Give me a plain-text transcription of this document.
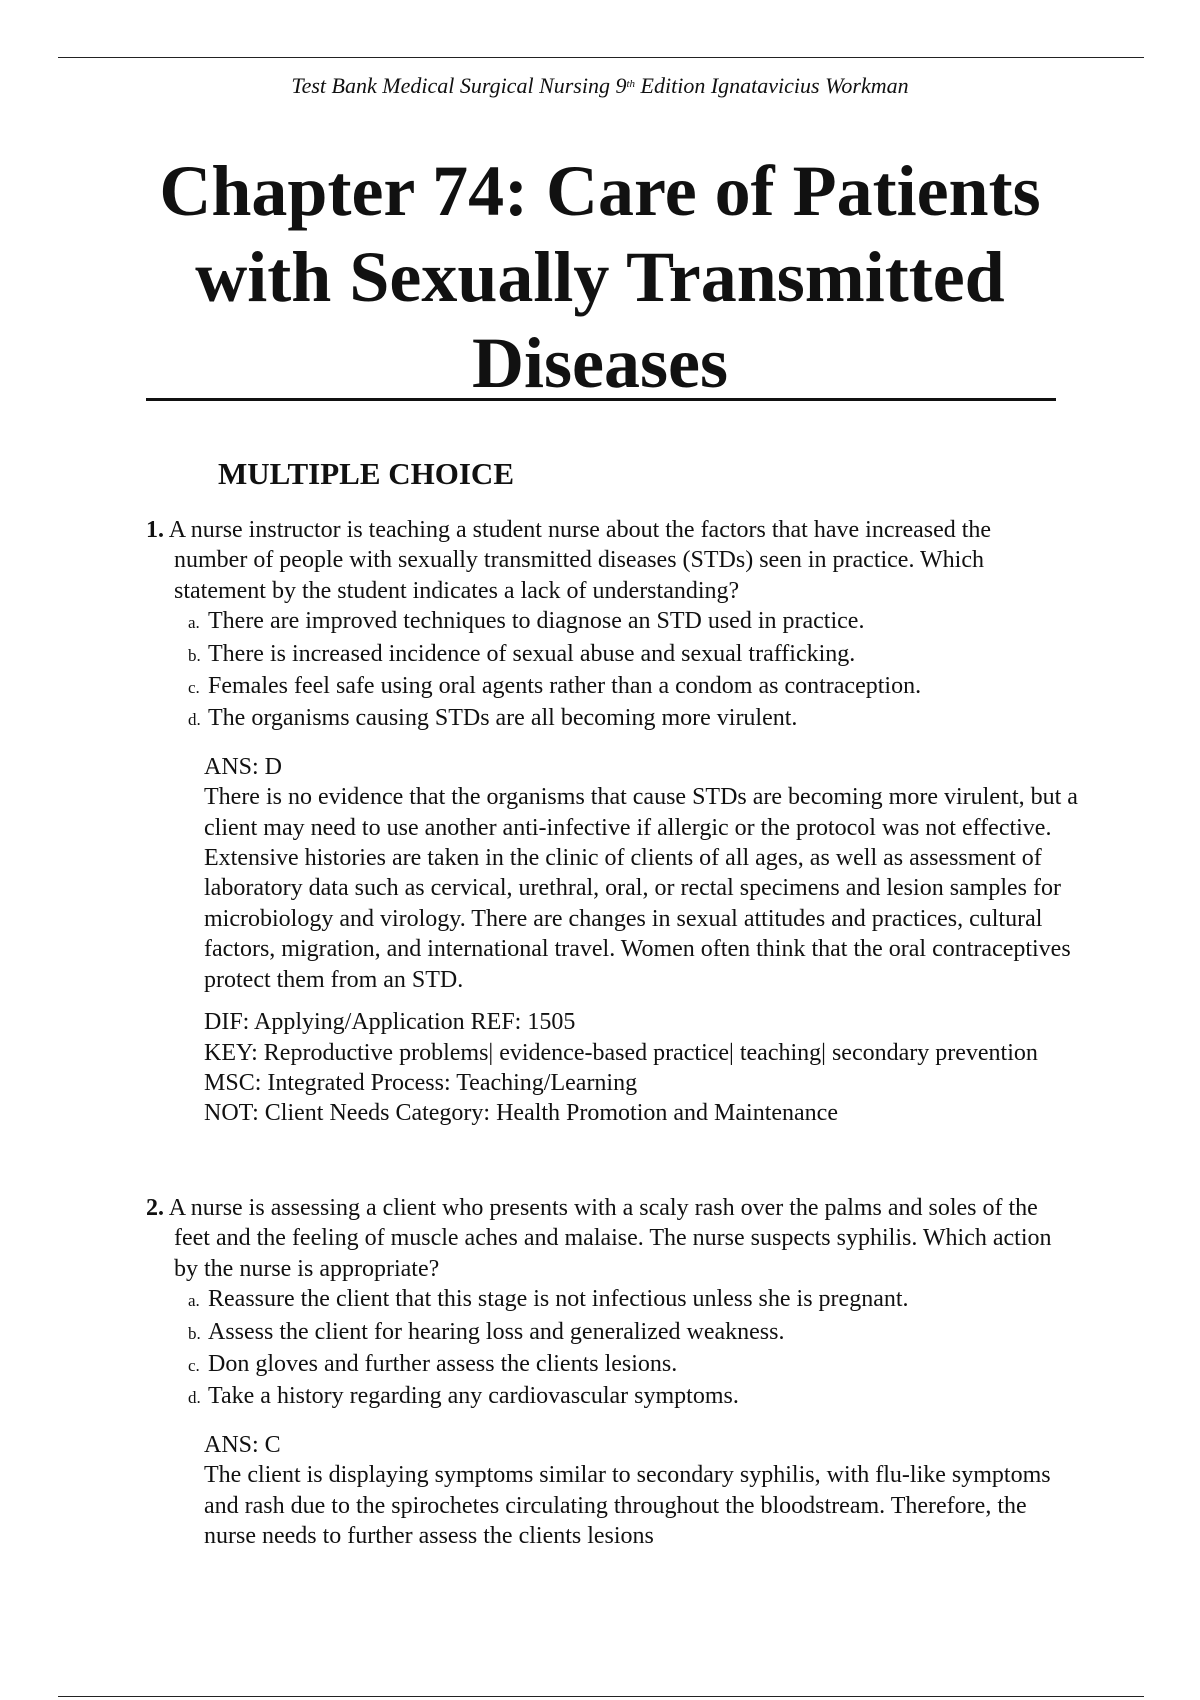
Test Bank Medical Surgical Nursing 9th Edition Ignatavicius Workman
Chapter 74: Care of Patients with Sexually Transmitted Diseases
MULTIPLE CHOICE
1. A nurse instructor is teaching a student nurse about the factors that have increased the number of people with sexually transmitted diseases (STDs) seen in practice. Which statement by the student indicates a lack of understanding?
a. There are improved techniques to diagnose an STD used in practice.
b. There is increased incidence of sexual abuse and sexual trafficking.
c. Females feel safe using oral agents rather than a condom as contraception.
d. The organisms causing STDs are all becoming more virulent.

ANS: D

There is no evidence that the organisms that cause STDs are becoming more virulent, but a client may need to use another anti-infective if allergic or the protocol was not effective. Extensive histories are taken in the clinic of clients of all ages, as well as assessment of laboratory data such as cervical, urethral, oral, or rectal specimens and lesion samples for microbiology and virology. There are changes in sexual attitudes and practices, cultural factors, migration, and international travel. Women often think that the oral contraceptives protect them from an STD.

DIF: Applying/Application REF: 1505
KEY: Reproductive problems| evidence-based practice| teaching| secondary prevention MSC: Integrated Process: Teaching/Learning
NOT: Client Needs Category: Health Promotion and Maintenance
2. A nurse is assessing a client who presents with a scaly rash over the palms and soles of the feet and the feeling of muscle aches and malaise. The nurse suspects syphilis. Which action by the nurse is appropriate?
a. Reassure the client that this stage is not infectious unless she is pregnant.
b. Assess the client for hearing loss and generalized weakness.
c. Don gloves and further assess the clients lesions.
d. Take a history regarding any cardiovascular symptoms.

ANS: C

The client is displaying symptoms similar to secondary syphilis, with flu-like symptoms and rash due to the spirochetes circulating throughout the bloodstream. Therefore, the nurse needs to further assess the clients lesions
